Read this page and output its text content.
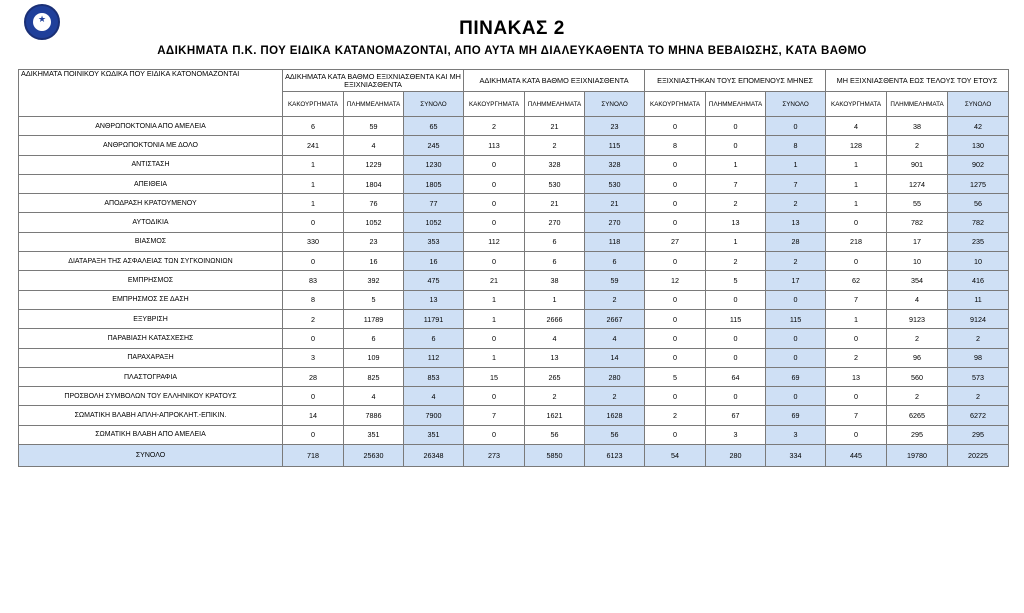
★	ΠΙΝΑΚΑΣ 2
ΑΔΙΚΗΜΑΤΑ Π.Κ. ΠΟΥ ΕΙΔΙΚΑ ΚΑΤΑΝΟΜΑΖΟΝΤΑΙ, ΑΠΟ ΑΥΤΑ ΜΗ ΔΙΑΛΕΥΚΑΘΕΝΤΑ ΤΟ ΜΗΝΑ ΒΕΒΑΙΩΣΗΣ, ΚΑΤΑ ΒΑΘΜΟ
ΑΔΙΚΗΜΑΤΑ ΠΟΙΝΙΚΟΥ ΚΩΔΙΚΑ ΠΟΥ ΕΙΔΙΚΑ ΚΑΤΟΝΟΜΑΖΟΝΤΑΙ	ΑΔΙΚΗΜΑΤΑ ΚΑΤΑ ΒΑΘΜΟ ΕΞΙΧΝΙΑΣΘΕΝΤΑ ΚΑΙ ΜΗ ΕΞΙΧΝΙΑΣΘΕΝΤΑ			ΑΔΙΚΗΜΑΤΑ ΚΑΤΑ ΒΑΘΜΟ ΕΞΙΧΝΙΑΣΘΕΝΤΑ			ΕΞΙΧΝΙΑΣΤΗΚΑΝ ΤΟΥΣ ΕΠΟΜΕΝΟΥΣ ΜΗΝΕΣ			ΜΗ ΕΞΙΧΝΙΑΣΘΕΝΤΑ ΕΩΣ ΤΕΛΟΥΣ ΤΟΥ ΕΤΟΥΣ		
	ΚΑΚΟΥΡΓΗΜΑΤΑ	ΠΛΗΜΜΕΛΗΜΑΤΑ	ΣΥΝΟΛΟ	ΚΑΚΟΥΡΓΗΜΑΤΑ	ΠΛΗΜΜΕΛΗΜΑΤΑ	ΣΥΝΟΛΟ	ΚΑΚΟΥΡΓΗΜΑΤΑ	ΠΛΗΜΜΕΛΗΜΑΤΑ	ΣΥΝΟΛΟ	ΚΑΚΟΥΡΓΗΜΑΤΑ	ΠΛΗΜΜΕΛΗΜΑΤΑ	ΣΥΝΟΛΟ
ΑΝΘΡΩΠΟΚΤΟΝΙΑ ΑΠΟ ΑΜΕΛΕΙΑ	6	59	65	2	21	23	0	0	0	4	38	42
ΑΝΘΡΩΠΟΚΤΟΝΙΑ ΜΕ ΔΟΛΟ	241	4	245	113	2	115	8	0	8	128	2	130
ΑΝΤΙΣΤΑΣΗ	1	1229	1230	0	328	328	0	1	1	1	901	902
ΑΠΕΙΘΕΙΑ	1	1804	1805	0	530	530	0	7	7	1	1274	1275
ΑΠΟΔΡΑΣΗ ΚΡΑΤΟΥΜΕΝΟΥ	1	76	77	0	21	21	0	2	2	1	55	56
ΑΥΤΟΔΙΚΙΑ	0	1052	1052	0	270	270	0	13	13	0	782	782
ΒΙΑΣΜΟΣ	330	23	353	112	6	118	27	1	28	218	17	235
ΔΙΑΤΑΡΑΞΗ ΤΗΣ ΑΣΦΑΛΕΙΑΣ ΤΩΝ ΣΥΓΚΟΙΝΩΝΙΩΝ	0	16	16	0	6	6	0	2	2	0	10	10
ΕΜΠΡΗΣΜΟΣ	83	392	475	21	38	59	12	5	17	62	354	416
ΕΜΠΡΗΣΜΟΣ ΣΕ ΔΑΣΗ	8	5	13	1	1	2	0	0	0	7	4	11
ΕΞΥΒΡΙΣΗ	2	11789	11791	1	2666	2667	0	115	115	1	9123	9124
ΠΑΡΑΒΙΑΣΗ ΚΑΤΑΣΧΕΣΗΣ	0	6	6	0	4	4	0	0	0	0	2	2
ΠΑΡΑΧΑΡΑΞΗ	3	109	112	1	13	14	0	0	0	2	96	98
ΠΛΑΣΤΟΓΡΑΦΙΑ	28	825	853	15	265	280	5	64	69	13	560	573
ΠΡΟΣΒΟΛΗ ΣΥΜΒΟΛΩΝ ΤΟΥ ΕΛΛΗΝΙΚΟΥ ΚΡΑΤΟΥΣ	0	4	4	0	2	2	0	0	0	0	2	2
ΣΩΜΑΤΙΚΗ ΒΛΑΒΗ ΑΠΛΗ-ΑΠΡΟΚΛΗΤ.-ΕΠΙΚΙΝ.	14	7886	7900	7	1621	1628	2	67	69	7	6265	6272
ΣΩΜΑΤΙΚΗ ΒΛΑΒΗ ΑΠΟ ΑΜΕΛΕΙΑ	0	351	351	0	56	56	0	3	3	0	295	295
ΣΥΝΟΛΟ	718	25630	26348	273	5850	6123	54	280	334	445	19780	20225
